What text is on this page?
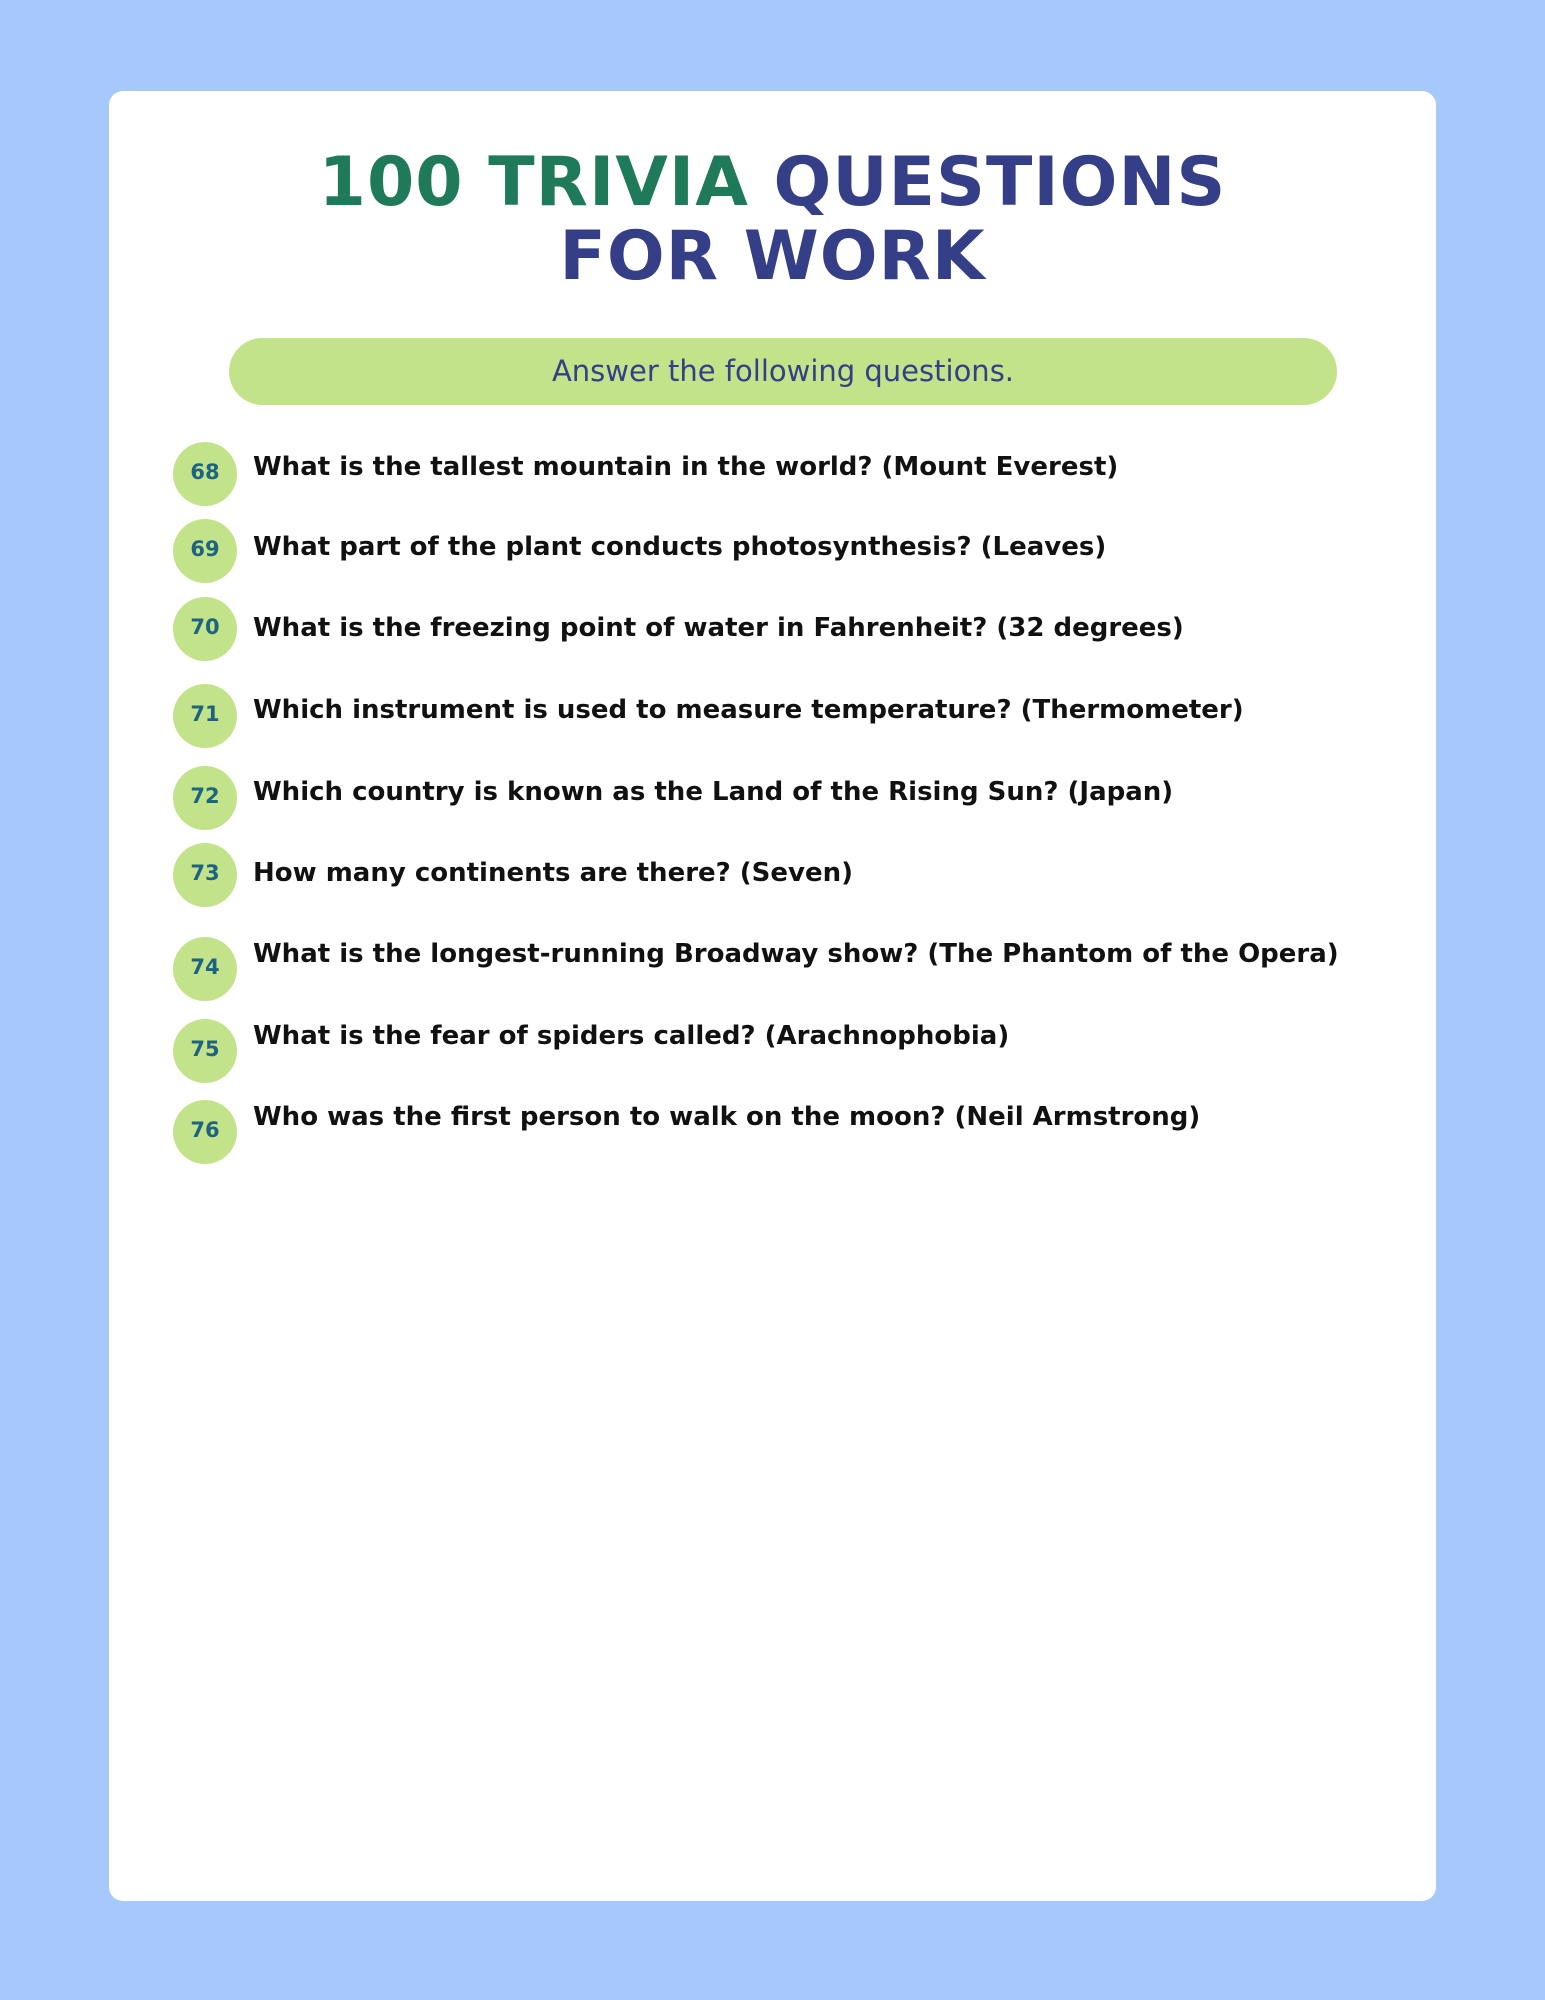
100 TRIVIA QUESTIONS
FOR WORK
Answer the following questions.
68	What is the tallest mountain in the world? (Mount Everest)
69	What part of the plant conducts photosynthesis? (Leaves)
70	What is the freezing point of water in Fahrenheit? (32 degrees)
71	Which instrument is used to measure temperature? (Thermometer)
72	Which country is known as the Land of the Rising Sun? (Japan)
73	How many continents are there? (Seven)
74	What is the longest-running Broadway show? (The Phantom of the Opera)
75	What is the fear of spiders called? (Arachnophobia)
76	Who was the first person to walk on the moon? (Neil Armstrong)
